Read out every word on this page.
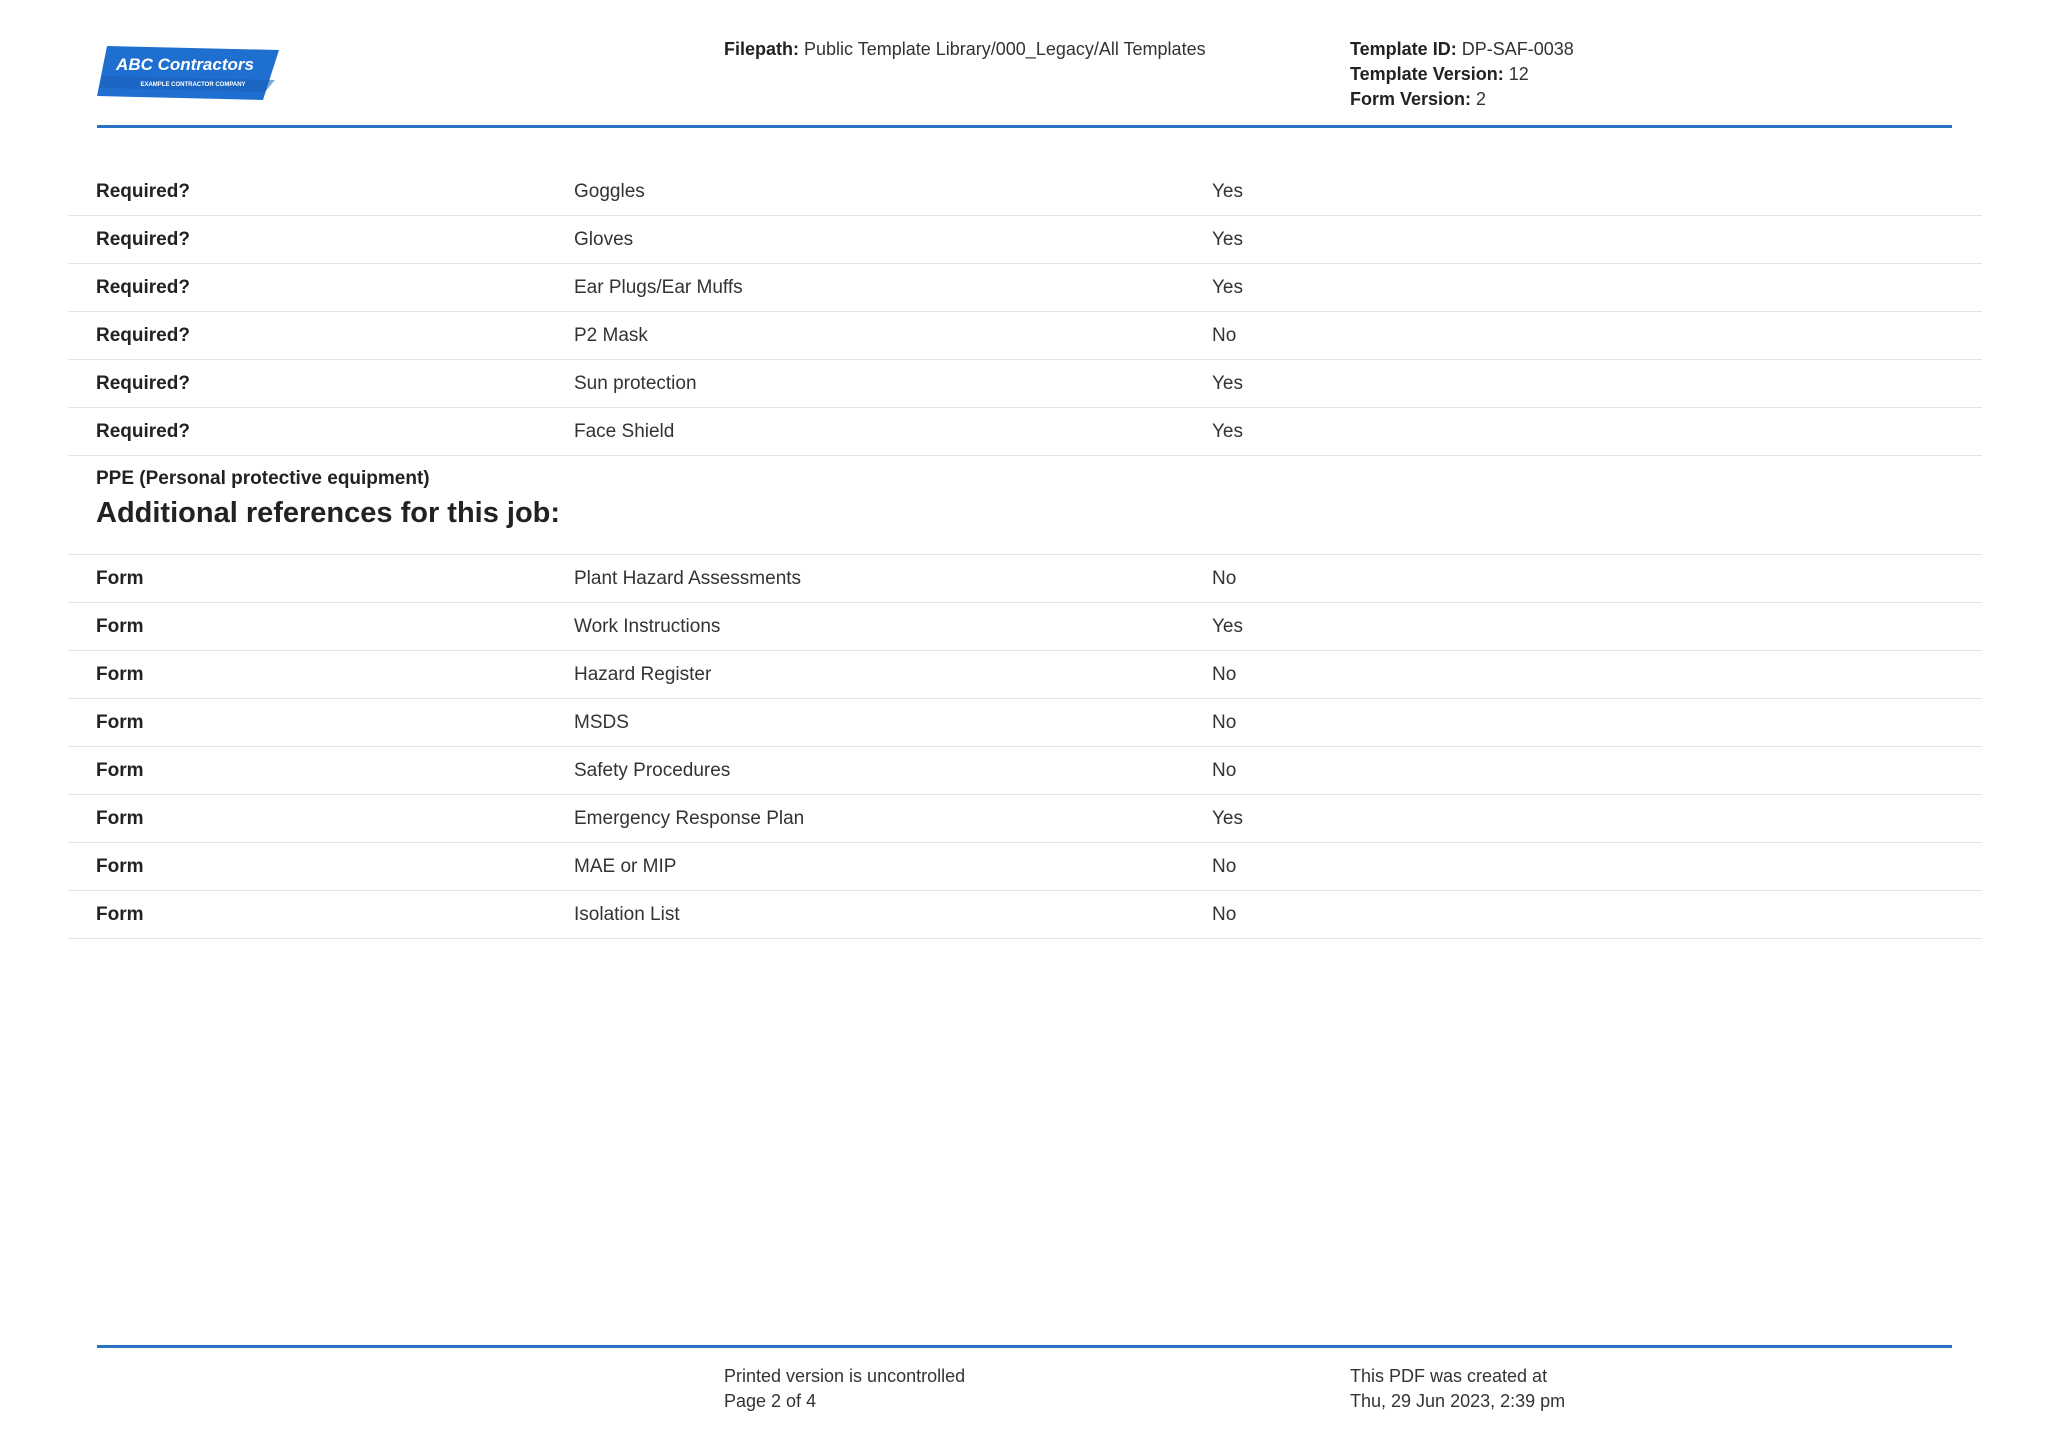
ABC Contractors
EXAMPLE CONTRACTOR COMPANY
Filepath: Public Template Library/000_Legacy/All Templates	Template ID: DP-SAF-0038
Template Version: 12
Form Version: 2
Required?	Goggles	Yes
Required?	Gloves	Yes
Required?	Ear Plugs/Ear Muffs	Yes
Required?	P2 Mask	No
Required?	Sun protection	Yes
Required?	Face Shield	Yes
PPE (Personal protective equipment)
Additional references for this job:
Form	Plant Hazard Assessments	No
Form	Work Instructions	Yes
Form	Hazard Register	No
Form	MSDS	No
Form	Safety Procedures	No
Form	Emergency Response Plan	Yes
Form	MAE or MIP	No
Form	Isolation List	No
Printed version is uncontrolled
Page 2 of 4
This PDF was created at
Thu, 29 Jun 2023, 2:39 pm
